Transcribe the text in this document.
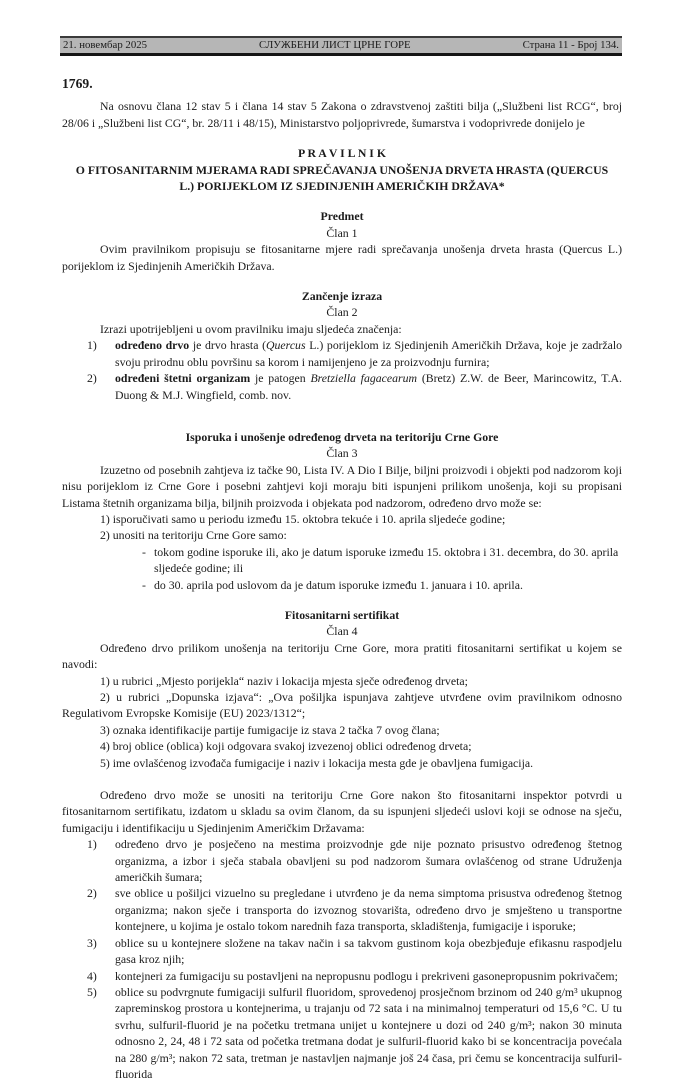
21. новембар 2025	СЛУЖБЕНИ ЛИСТ ЦРНЕ ГОРЕ	Страна 11 - Број 134.
1769.

Na osnovu člana 12 stav 5 i člana 14 stav 5 Zakona o zdravstvenoj zaštiti bilja („Službeni list RCG“, broj 28/06 i „Službeni list CG“, br. 28/11 i 48/15), Ministarstvo poljoprivrede, šumarstva i vodoprivrede donijelo je

P R A V I L N I K
O FITOSANITARNIM MJERAMA RADI SPREČAVANJA UNOŠENJA DRVETA HRASTA (QUERCUS L.) PORIJEKLOM IZ SJEDINJENIH AMERIČKIH DRŽAVA*
Predmet
Član 1

Ovim pravilnikom propisuju se fitosanitarne mjere radi sprečavanja unošenja drveta hrasta (Quercus L.) porijeklom iz Sjedinjenih Američkih Država.

Zančenje izraza
Član 2

Izrazi upotrijebljeni u ovom pravilniku imaju sljedeća značenja:

1)	određeno drvo je drvo hrasta (Quercus L.) porijeklom iz Sjedinjenih Američkih Država, koje je zadržalo svoju prirodnu oblu površinu sa korom i namijenjeno je za proizvodnju furnira;
2)	određeni štetni organizam je patogen Bretziella fagacearum (Bretz) Z.W. de Beer, Marincowitz, T.A. Duong & M.J. Wingfield, comb. nov.
Isporuka i unošenje određenog drveta na teritoriju Crne Gore
Član 3

Izuzetno od posebnih zahtjeva iz tačke 90, Lista IV. A Dio I Bilje, biljni proizvodi i objekti pod nadzorom koji nisu porijeklom iz Crne Gore i posebni zahtjevi koji moraju biti ispunjeni prilikom unošenja, koji su propisani Listama štetnih organizama bilja, biljnih proizvoda i objekata pod nadzorom, određeno drvo može se:

1) isporučivati samo u periodu između 15. oktobra tekuće i 10. aprila sljedeće godine;

2) unositi na teritoriju Crne Gore samo:

- tokom godine isporuke ili, ako je datum isporuke između 15. oktobra i 31. decembra, do 30. aprila sljedeće godine; ili
- do 30. aprila pod uslovom da je datum isporuke između 1. januara i 10. aprila.
Fitosanitarni sertifikat
Član 4

Određeno drvo prilikom unošenja na teritoriju Crne Gore, mora pratiti fitosanitarni sertifikat u kojem se navodi:

1) u rubrici „Mjesto porijekla“ naziv i lokacija mjesta sječe određenog drveta;

2) u rubrici „Dopunska izjava“: „Ova pošiljka ispunjava zahtjeve utvrđene ovim pravilnikom odnosno Regulativom Evropske Komisije (EU) 2023/1312“;

3) oznaka identifikacije partije fumigacije iz stava 2 tačka 7 ovog člana;

4) broj oblice (oblica) koji odgovara svakoj izvezenoj oblici određenog drveta;

5) ime ovlašćenog izvođača fumigacije i naziv i lokacija mesta gde je obavljena fumigacija.

Određeno drvo može se unositi na teritoriju Crne Gore nakon što fitosanitarni inspektor potvrdi u fitosanitarnom sertifikatu, izdatom u skladu sa ovim članom, da su ispunjeni sljedeći uslovi koji se odnose na sječu, fumigaciju i identifikaciju u Sjedinjenim Američkim Državama:

1)	određeno drvo je posječeno na mestima proizvodnje gde nije poznato prisustvo određenog štetnog organizma, a izbor i sječa stabala obavljeni su pod nadzorom šumara ovlašćenog od strane Udruženja američkih šumara;
2)	sve oblice u pošiljci vizuelno su pregledane i utvrđeno je da nema simptoma prisustva određenog štetnog organizma; nakon sječe i transporta do izvoznog stovarišta, određeno drvo je smješteno u transportne kontejnere, u kojima je ostalo tokom narednih faza transporta, skladištenja, fumigacije i isporuke;
3)	oblice su u kontejnere složene na takav način i sa takvom gustinom koja obezbjeđuje efikasnu raspodjelu gasa kroz njih;
4)	kontejneri za fumigaciju su postavljeni na nepropusnu podlogu i prekriveni gasonepropusnim pokrivačem;
5)	oblice su podvrgnute fumigaciji sulfuril fluoridom, sprovedenoj prosječnom brzinom od 240 g/m³ ukupnog zapreminskog prostora u kontejnerima, u trajanju od 72 sata i na minimalnoj temperaturi od 15,6 °C. U tu svrhu, sulfuril-fluorid je na početku tretmana unijet u kontejnere u dozi od 240 g/m³; nakon 30 minuta odnosno 2, 24, 48 i 72 sata od početka tretmana dodat je sulfuril-fluorid kako bi se koncentracija povećala na 280 g/m³; nakon 72 sata, tretman je nastavljen najmanje još 24 časa, pri čemu se koncentracija sulfuril-fluorida
